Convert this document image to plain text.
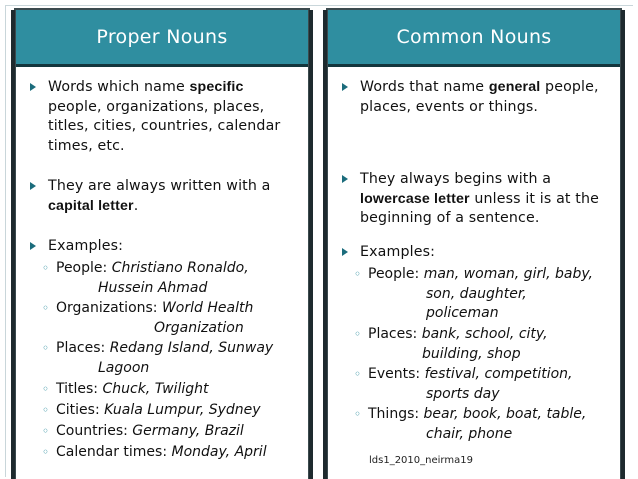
Proper Nouns
Words which name specific
people, organizations, places,
titles, cities, countries, calendar
times, etc.
They are always written with a
capital letter.
Examples:
◦ People: Christiano Ronaldo,
Hussein Ahmad
◦ Organizations: World Health
Organization
◦ Places: Redang Island, Sunway
Lagoon
◦ Titles: Chuck, Twilight
◦ Cities: Kuala Lumpur, Sydney
◦ Countries: Germany, Brazil
◦ Calendar times: Monday, April
Common Nouns
Words that name general people,
places, events or things.
They always begins with a
lowercase letter unless it is at the
beginning of a sentence.
Examples:
◦ People: man, woman, girl, baby,
son, daughter,
policeman
◦ Places: bank, school, city,
building, shop
◦ Events: festival, competition,
sports day
◦ Things: bear, book, boat, table,
chair, phone
lds1_2010_neirma19
